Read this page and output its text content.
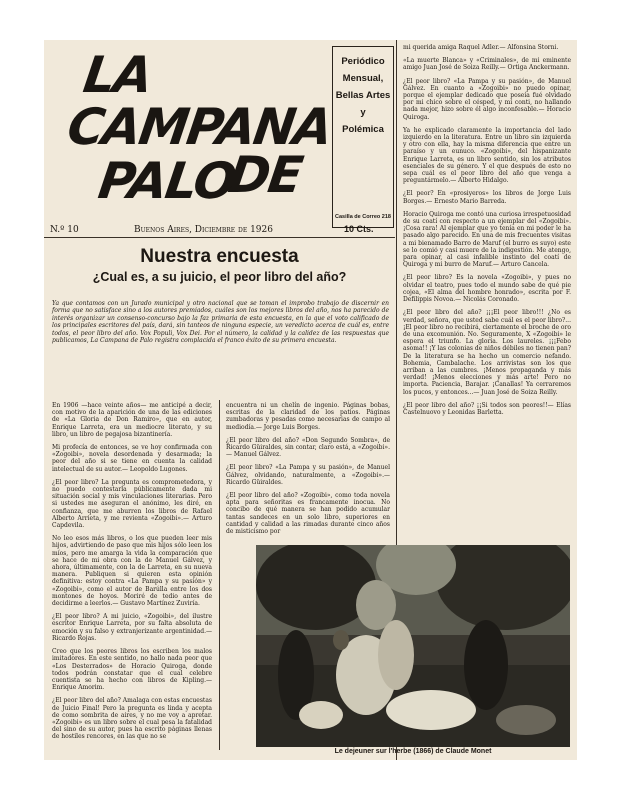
LA
CAMPANA
DE
PALO
Periódico
Mensual,
Bellas Artes
y
Polémica
Casilla de Correo 218
N.º 10	Buenos Aires, Diciembre de 1926	10 Cts.
Nuestra encuesta
¿Cual es, a su juicio, el peor libro del año?
Ya que contamos con un Jurado municipal y otro nacional que se toman el improbo trabajo de discernir en forma que no satisface sino a los autores premiados, cuáles son los mejores libros del año, nos ha parecido de interés organizar un consenso-concurso bajo la faz primaria de esta encuesta, en la que el voto calificado de los principales escritores del país, dará, sin tanteos de ninguna especie, un veredicto acerca de cuál es, entre todos, el peor libro del año. Vox Populi, Vox Dei. Por el número, la calidad y la calidez de las respuestas que publicamos, La Campana de Palo registra complacida el franco éxito de su primera encuesta.

En 1906 —hace veinte años— me anticipé a decir, con motivo de la aparición de una de las ediciones de «La Gloria de Don Ramiro», que en autor, Enrique Larreta, era un mediocre literato, y su libro, un libro de pegajosa bizantinería.

Mi profecía de entonces, se ve hoy confirmada con «Zogoibi», novela desordenada y desarmada; la peor del año si se tiene en cuenta la calidad intelectual de su autor.— Leopoldo Lugones.

¿El peor libro? La pregunta es comprometedora, y no puedo contestarla públicamente dada mi situación social y mis vinculaciones literarias. Pero si ustedes me aseguran el anónimo, les diré, en confianza, que me aburren los libros de Rafael Alberto Arrieta, y me revienta «Zogoibi».— Arturo Capdevila.

No leo esos más libros, o los que pueden leer mis hijos, advirtiendo de paso que mis hijos sólo leen los míos, pero me amarga la vida la comparación que se hace de mi obra con la de Manuel Gálvez, y ahora, últimamente, con la de Larreta, en su nueva manera. Publiquen si quieren esta opinión definitiva: estoy contra «La Pampa y su pasión» y «Zogoibi», como el autor de Barúlla entre los dos montones de hoyos. Moriré de tedio antes de decidirme a leerlos.— Gustavo Martínez Zuviría.

¿El peor libro? A mi juicio, «Zogoibi», del ilustre escritor Enrique Larreta, por su falta absoluta de emoción y su falso y extranjerizante argentinidad.— Ricardo Rojas.

Creo que los peores libros los escriben los malos imitadores. En este sentido, no hallo nada peor que «Los Desterrados» de Horacio Quiroga, donde todos podrán constatar que el cual celebre cuentista se ha hecho con libros de Kipling.— Enrique Amorim.

¿El peor libro del año? Amalaga con estas encuestas de Juicio Final! Pero la pregunta es linda y acepta de como sombrita de aires, y no me voy a apretar. «Zogoibi» es un libro sobre el cual pesa la fatalidad del sino de su autor, pues ha escrito páginas llenas de hostiles rencores, en las que no se

encuentra ni un chelín de ingenio. Páginas bobas, escritas de la claridad de los patios. Páginas zumbadoras y pesadas como necesarias de campo al mediodía.— Jorge Luis Borges.

¿El peor libro del año? «Don Segundo Sombra», de Ricardo Güiraldes, sin contar, claro está, a «Zogoibi».— Manuel Gálvez.

¿El peor libro? «La Pampa y su pasión», de Manuel Gálvez, olvidando, naturalmente, a «Zogoibi».— Ricardo Güiraldes.

¿El peor libro del año? «Zogoibi», como toda novela apta para señoritas es francamente inocua. No concibo de qué manera se han podido acumular tantas sandeces en un solo libro, superiores en cantidad y calidad a las rimadas durante cinco años de misticismo por

mi querida amiga Raquel Adler.— Alfonsina Storni.

«La muerte Blanca» y «Criminales», de mi eminente amigo Juan José de Soiza Reilly.— Ortiga Anckermann.

¿El peor libro? «La Pampa y su pasión», de Manuel Gálvez. En cuanto a «Zogoibi» no puedo opinar, porque el ejemplar dedicado que poseía fué olvidado por mi chico sobre el césped, y mi conti, no hallando nada mejor, hizo sobre él algo inconfesable.— Horacio Quiroga.

Ya he explicado claramente la importancia del lado izquierdo en la literatura. Entre un libro sin izquierda y otro con ella, hay la misma diferencia que entre un paraíso y un eunuco. «Zogoibi», del hispanizante Enrique Larreta, es un libro sentido, sin los atributos esenciales de su género. Y el que después de esto no sepa cuál es el peor libro del año que venga a preguntármelo.— Alberto Hidalgo.

¿El peor? En «prosiyeros» los libros de Jorge Luis Borges.— Ernesto Mario Barreda.

Horacio Quiroga me contó una curiosa irrespetuosidad de su coatí con respecto a un ejemplar del «Zogoibi». ¡Cosa rara! Al ejemplar que yo tenía en mi poder le ha pasado algo parecido. En una de mis frecuentes visitas a mi bienamado Barro de Maruf (el burro es suyo) este se lo comió y casi muere de la indigestión. Me atengo, para opinar, al casi infalible instinto del coatí de Quiroga y mi burro de Maruf.— Arturo Cancela.

¿El peor libro? Es la novela «Zogoibi», y pues no olvidar el teatro, pues todo el mundo sabe de qué pie cojea, «El alma del hombre honrado», escrita por F. Defilippis Novoa.— Nicolás Coronado.

¿El peor libro del año? ¡¡¡El peor libro!!! ¿No es verdad, señora, que usted sabe cuál es el peor libro?... ¡El peor libro no recibirá, ciertamente el broche de oro de una excomunión. No. Seguramente, X «Zogoibi» le espera el triunfo. La gloria. Los laureles. ¡¡¡Febo asoma!! ¡Y las colonias de niños débiles no tienen pan? De la literatura se ha hecho un comercio nefando. Bohemia, Cambalache. Los arrivistas son los que arriban a las cumbres. ¡Menos propaganda y más verdad! ¡Menos elecciones y más arte! Pero no importa. Paciencia, Barajar. ¡Canallas! Ya cerraremos los pucos, y entonces...— Juan José de Soiza Reilly.

¿El peor libro del año? ¡¡Si todos son peores!!— Elías Castelnuovo y Leonidas Barletta.

Le dejeuner sur l'herbe (1866) de Claude Monet
